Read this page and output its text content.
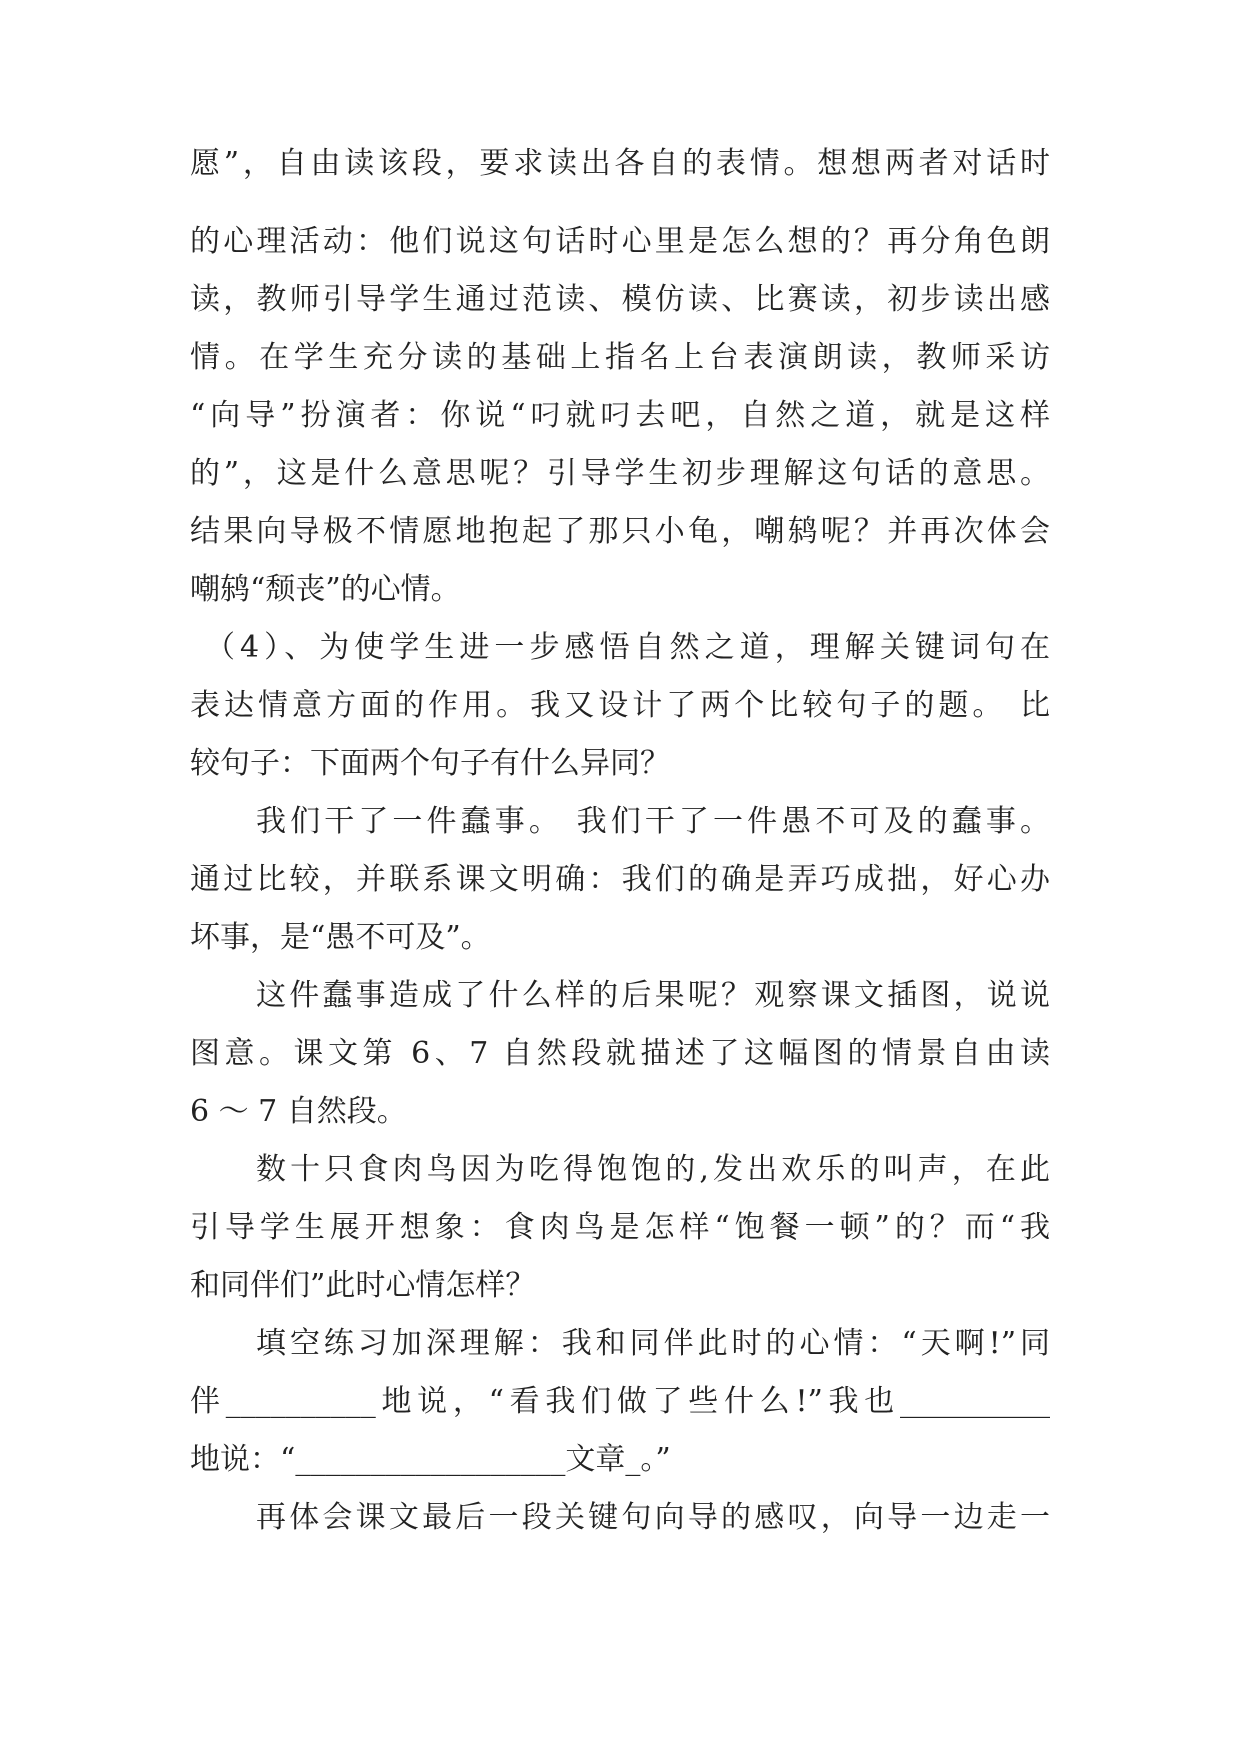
愿”，自由读该段，要求读出各自的表情。想想两者对话时
的心理活动：他们说这句话时心里是怎么想的？再分角色朗
读，教师引导学生通过范读、模仿读、比赛读，初步读出感
情。在学生充分读的基础上指名上台表演朗读，教师采访
“向导”扮演者：你说“叼就叼去吧，自然之道，就是这样
的”，这是什么意思呢？引导学生初步理解这句话的意思。
结果向导极不情愿地抱起了那只小龟，嘲鸫呢？并再次体会
嘲鸫“颓丧”的心情。
（4）、为使学生进一步感悟自然之道，理解关键词句在
表达情意方面的作用。我又设计了两个比较句子的题。 比
较句子：下面两个句子有什么异同？
我们干了一件蠢事。 我们干了一件愚不可及的蠢事。
通过比较，并联系课文明确：我们的确是弄巧成拙，好心办
坏事，是“愚不可及”。
这件蠢事造成了什么样的后果呢？观察课文插图，说说
图意。课文第 6、7 自然段就描述了这幅图的情景自由读
6 ～ 7 自然段。
数十只食肉鸟因为吃得饱饱的,发出欢乐的叫声，在此
引导学生展开想象：食肉鸟是怎样“饱餐一顿”的？而“我
和同伴们”此时心情怎样？
填空练习加深理解：我和同伴此时的心情：“天啊!”同
伴__________地说，“看我们做了些什么!”我也__________
地说：“__________________文章_。”
再体会课文最后一段关键句向导的感叹，向导一边走一
